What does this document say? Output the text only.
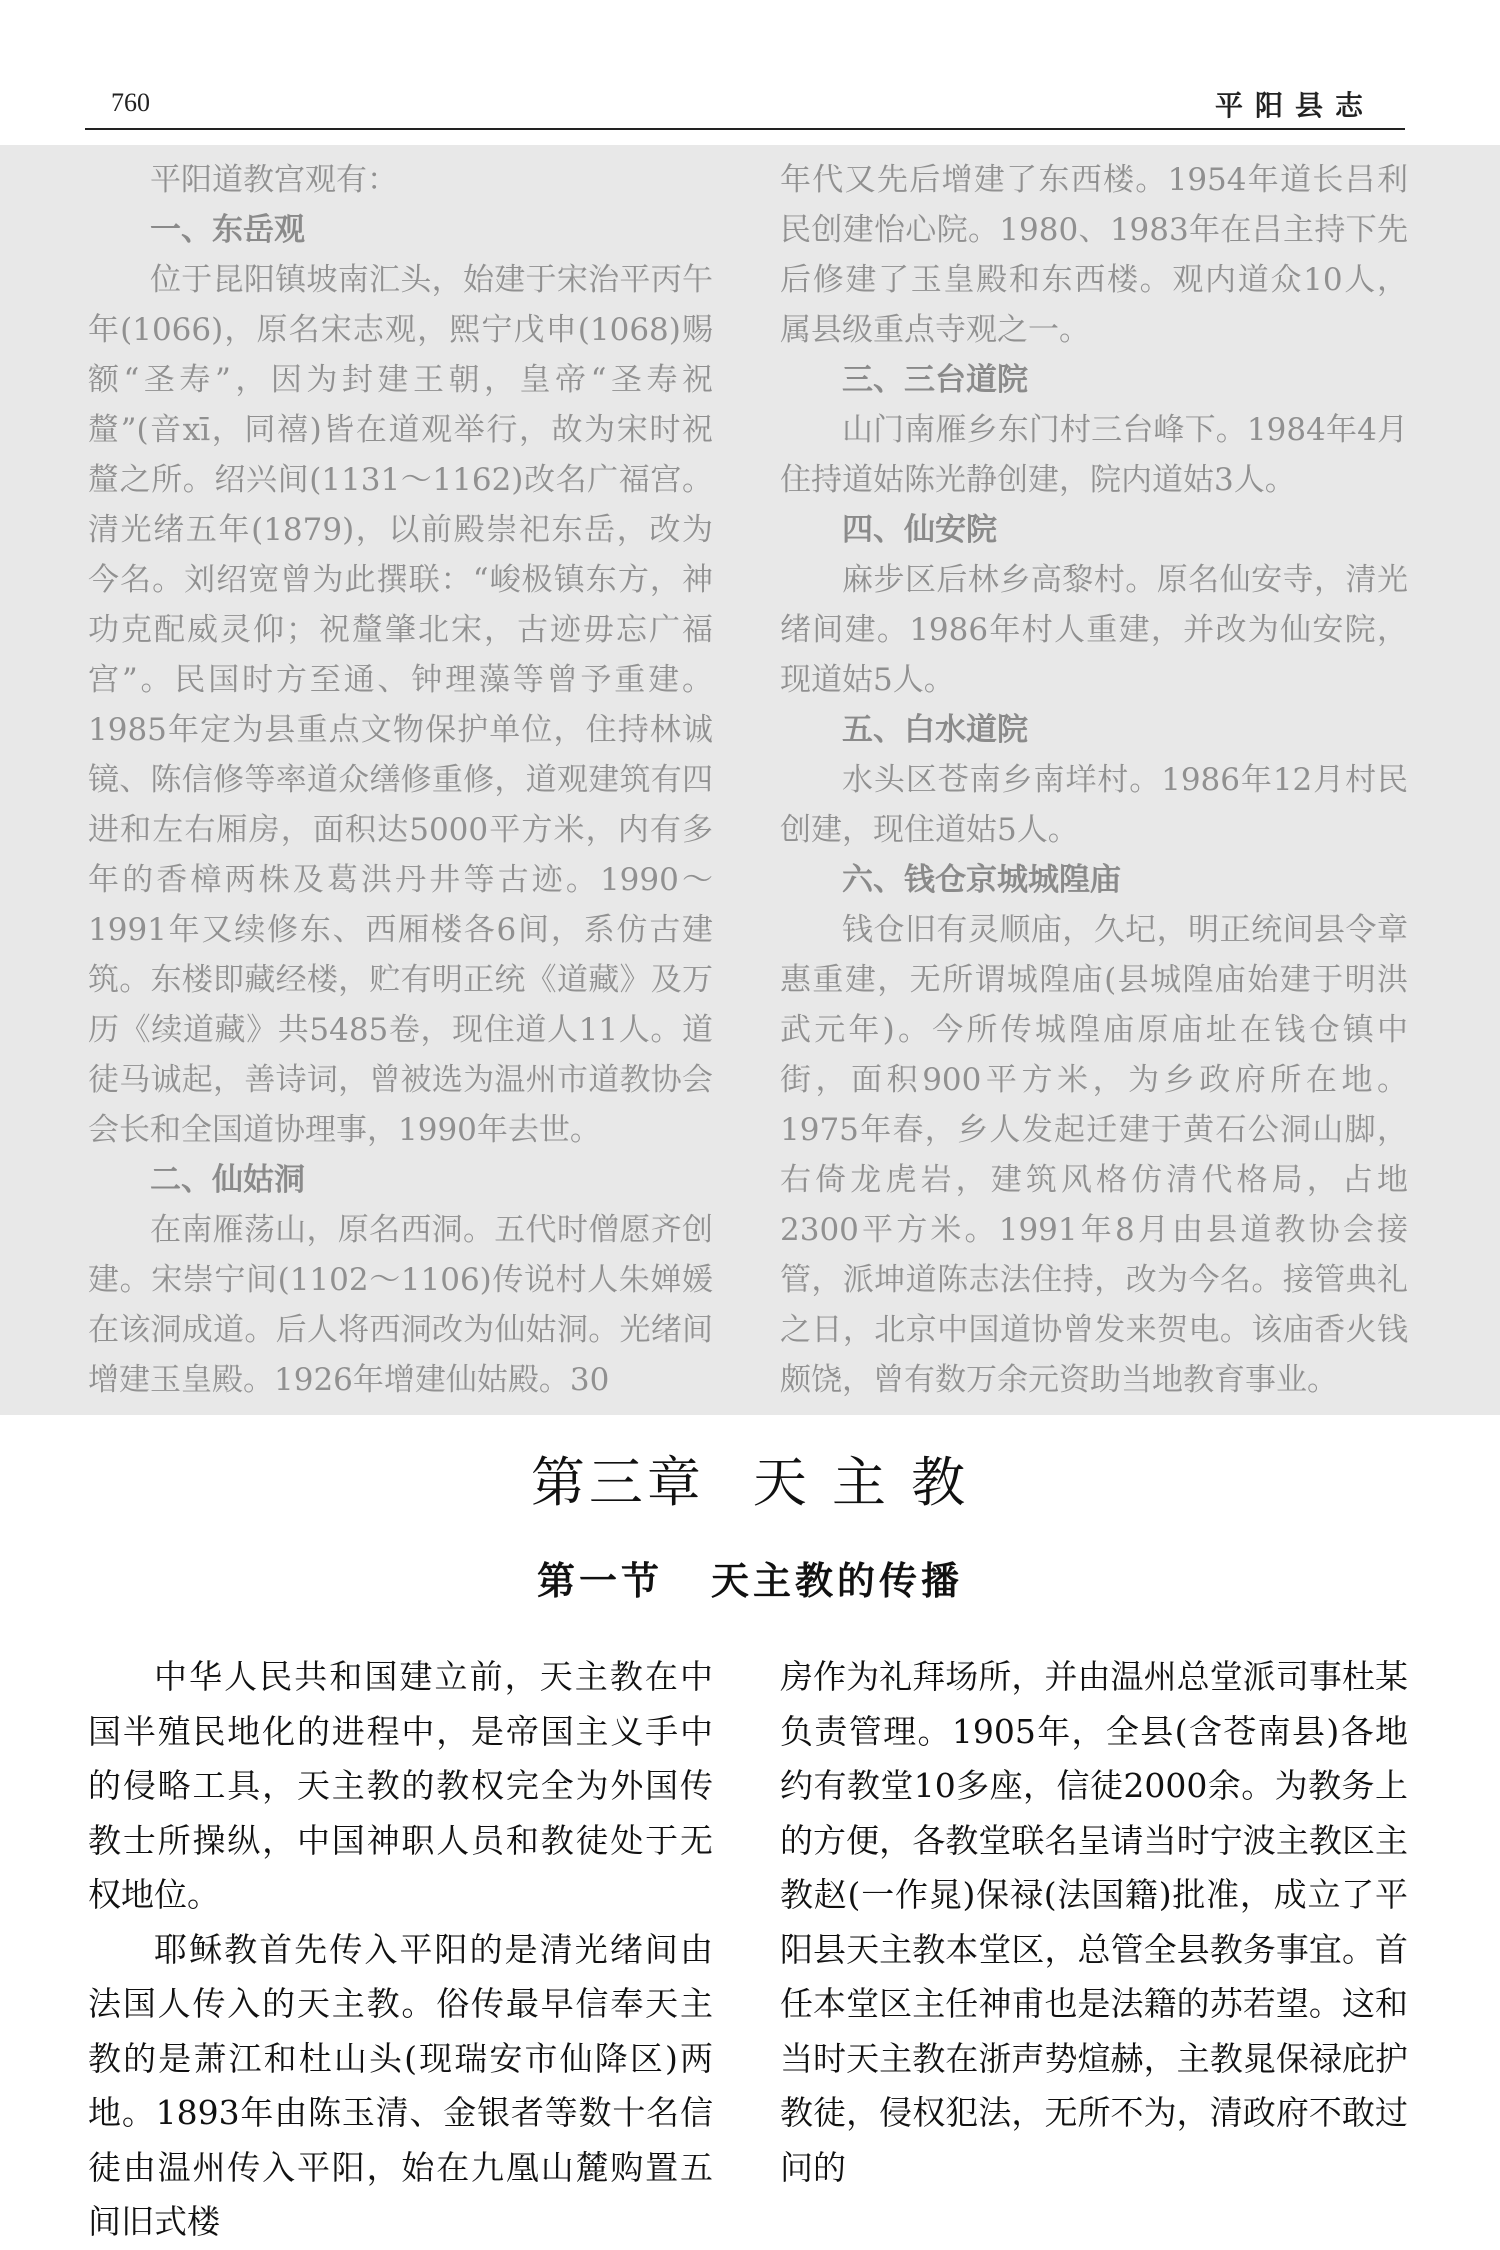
760	平阳县志

平阳道教宫观有：

一、东岳观

位于昆阳镇坡南汇头，始建于宋治平丙午年(1066)，原名宋志观，熙宁戊申(1068)赐额“圣寿”，因为封建王朝，皇帝“圣寿祝釐”(音xī，同禧)皆在道观举行，故为宋时祝釐之所。绍兴间(1131～1162)改名广福宫。清光绪五年(1879)，以前殿崇祀东岳，改为今名。刘绍宽曾为此撰联：“峻极镇东方，神功克配威灵仰；祝釐肇北宋，古迹毋忘广福宫”。民国时方至通、钟理藻等曾予重建。1985年定为县重点文物保护单位，住持林诚镜、陈信修等率道众缮修重修，道观建筑有四进和左右厢房，面积达5000平方米，内有多年的香樟两株及葛洪丹井等古迹。1990～1991年又续修东、西厢楼各6间，系仿古建筑。东楼即藏经楼，贮有明正统《道藏》及万历《续道藏》共5485卷，现住道人11人。道徒马诚起，善诗词，曾被选为温州市道教协会会长和全国道协理事，1990年去世。

二、仙姑洞

在南雁荡山，原名西洞。五代时僧愿齐创建。宋崇宁间(1102～1106)传说村人朱婵媛在该洞成道。后人将西洞改为仙姑洞。光绪间增建玉皇殿。1926年增建仙姑殿。30

年代又先后增建了东西楼。1954年道长吕利民创建怡心院。1980、1983年在吕主持下先后修建了玉皇殿和东西楼。观内道众10人，属县级重点寺观之一。

三、三台道院

山门南雁乡东门村三台峰下。1984年4月住持道姑陈光静创建，院内道姑3人。

四、仙安院

麻步区后林乡高黎村。原名仙安寺，清光绪间建。1986年村人重建，并改为仙安院，现道姑5人。

五、白水道院

水头区苍南乡南垟村。1986年12月村民创建，现住道姑5人。

六、钱仓京城城隍庙

钱仓旧有灵顺庙，久圮，明正统间县令章惠重建，无所谓城隍庙(县城隍庙始建于明洪武元年)。今所传城隍庙原庙址在钱仓镇中街，面积900平方米，为乡政府所在地。1975年春，乡人发起迁建于黄石公洞山脚，右倚龙虎岩，建筑风格仿清代格局，占地2300平方米。1991年8月由县道教协会接管，派坤道陈志法住持，改为今名。接管典礼之日，北京中国道协曾发来贺电。该庙香火钱颇饶，曾有数万余元资助当地教育事业。

第三章 天 主 教
第一节 天主教的传播

中华人民共和国建立前，天主教在中国半殖民地化的进程中，是帝国主义手中的侵略工具，天主教的教权完全为外国传教士所操纵，中国神职人员和教徒处于无权地位。

耶稣教首先传入平阳的是清光绪间由法国人传入的天主教。俗传最早信奉天主教的是萧江和杜山头(现瑞安市仙降区)两地。1893年由陈玉清、金银者等数十名信徒由温州传入平阳，始在九凰山麓购置五间旧式楼

房作为礼拜场所，并由温州总堂派司事杜某负责管理。1905年，全县(含苍南县)各地约有教堂10多座，信徒2000余。为教务上的方便，各教堂联名呈请当时宁波主教区主教赵(一作晁)保禄(法国籍)批准，成立了平阳县天主教本堂区，总管全县教务事宜。首任本堂区主任神甫也是法籍的苏若望。这和当时天主教在浙声势煊赫，主教晁保禄庇护教徒，侵权犯法，无所不为，清政府不敢过问的
